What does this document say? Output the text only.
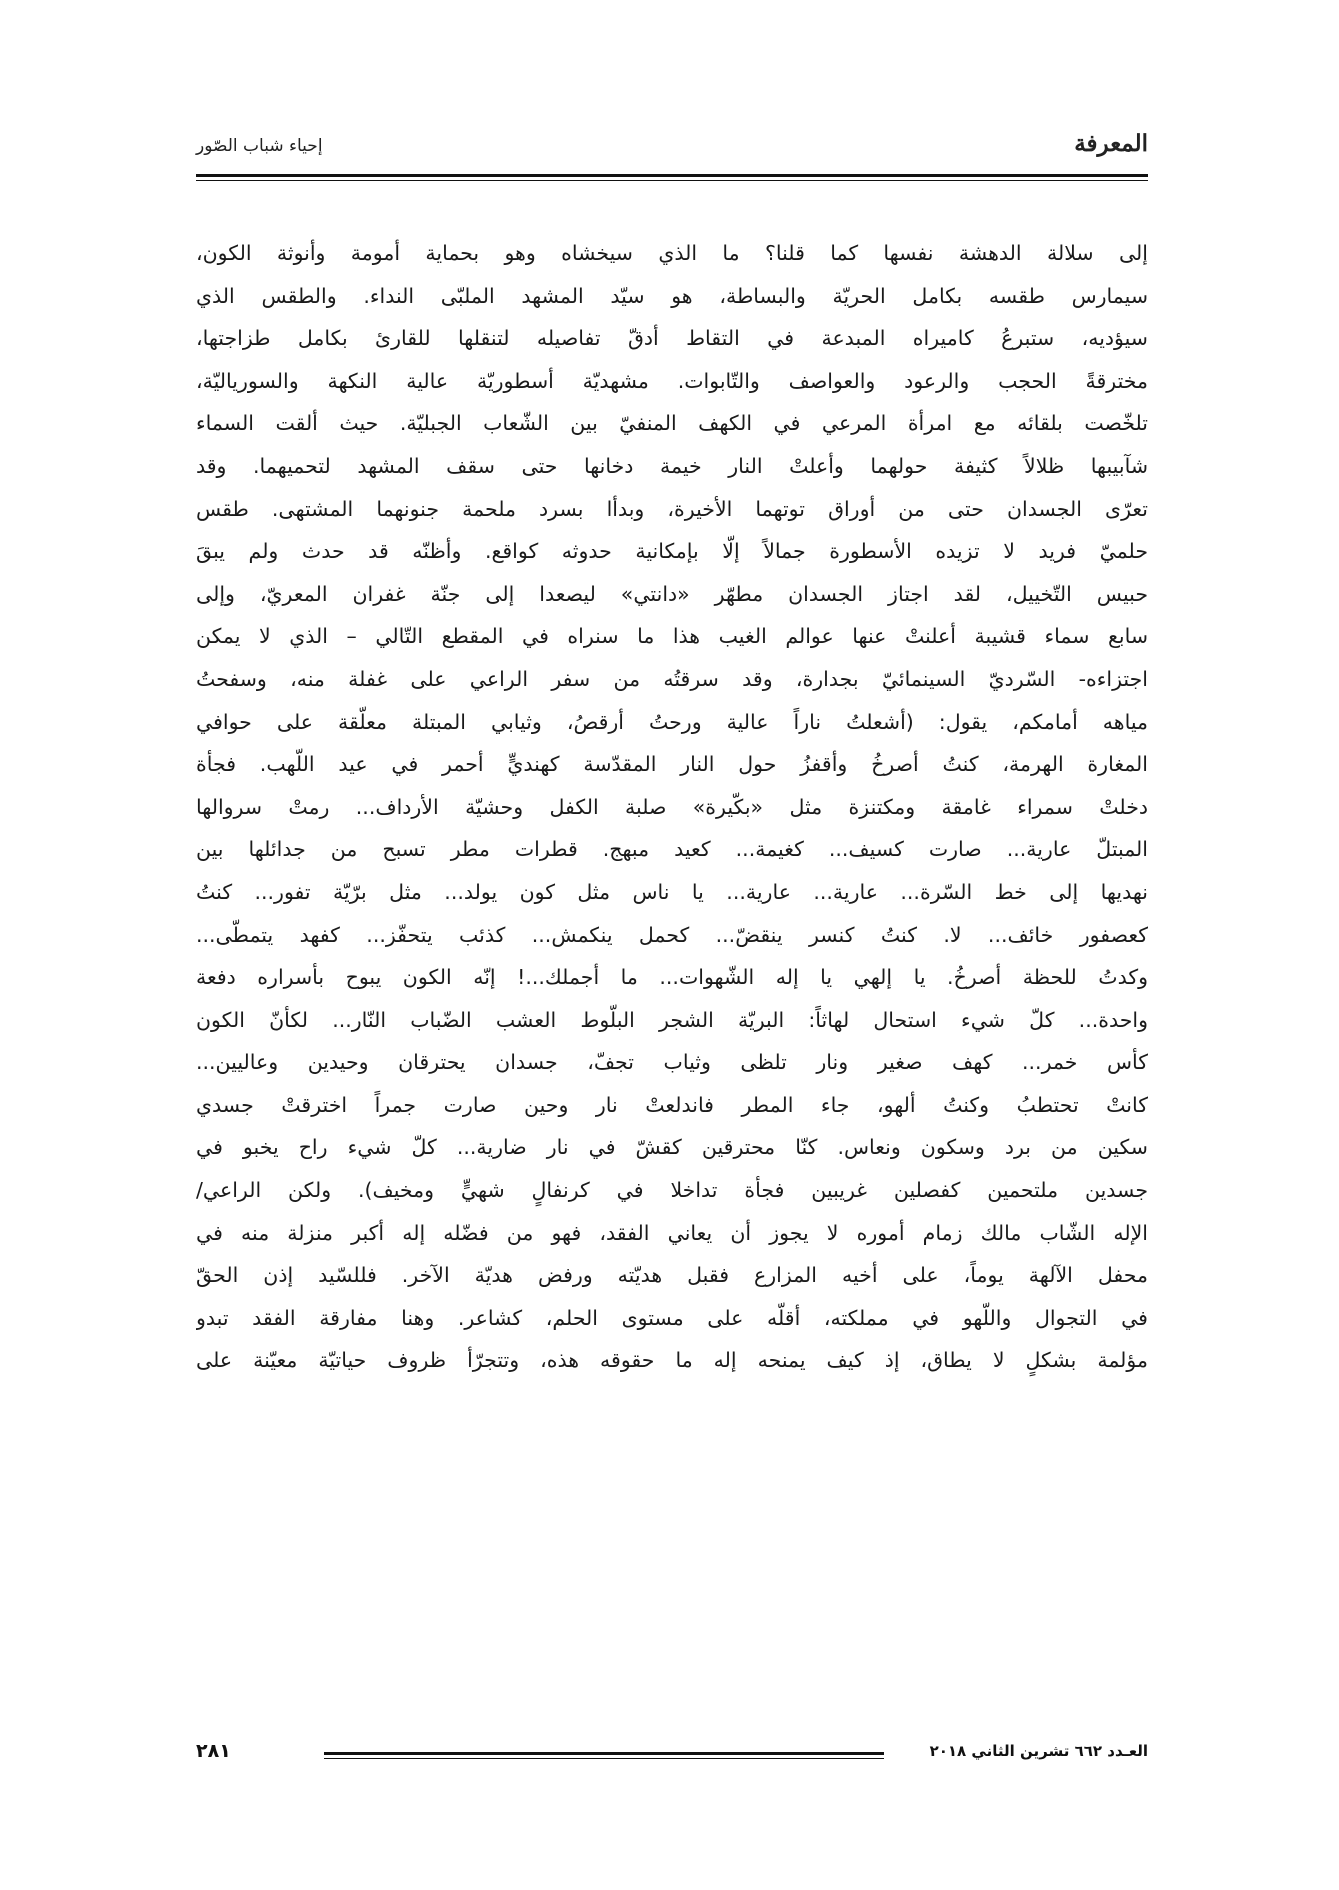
المعرفة
إحياء شباب الصّور
إلى سلالة الدهشة نفسها كما قلنا؟ ما الذي سيخشاه وهو بحماية أمومة وأنوثة الكون،
سيمارس طقسه بكامل الحريّة والبساطة، هو سيّد المشهد الملبّى النداء. والطقس الذي
سيؤديه، ستبرعُ كاميراه المبدعة في التقاط أدقّ تفاصيله لتنقلها للقارئ بكامل طزاجتها،
مخترقةً الحجب والرعود والعواصف والتّابوات. مشهديّة أسطوريّة عالية النكهة والسورياليّة،
تلخّصت بلقائه مع امرأة المرعي في الكهف المنفيّ بين الشّعاب الجبليّة. حيث ألقت السماء
شآبيبها ظلالاً كثيفة حولهما وأعلتْ النار خيمة دخانها حتى سقف المشهد لتحميهما. وقد
تعرّى الجسدان حتى من أوراق توتهما الأخيرة، وبدأا بسرد ملحمة جنونهما المشتهى. طقس
حلميّ فريد لا تزيده الأسطورة جمالاً إلّا بإمكانية حدوثه كواقع. وأظنّه قد حدث ولم يبقَ
حبيس التّخييل، لقد اجتاز الجسدان مطهّر «دانتي» ليصعدا إلى جنّة غفران المعريّ، وإلى
سابع سماء قشيبة أعلنتْ عنها عوالم الغيب هذا ما سنراه في المقطع التّالي – الذي لا يمكن
اجتزاءه- السّرديّ السينمائيّ بجدارة، وقد سرقتُه من سفر الراعي على غفلة منه، وسفحتُ
مياهه أمامكم، يقول: (أشعلتُ ناراً عالية ورحتُ أرقصُ، وثيابي المبتلة معلّقة على حوافي
المغارة الهرمة، كنتُ أصرخُ وأقفزُ حول النار المقدّسة كهنديٍّ أحمر في عيد اللّهب. فجأة
دخلتْ سمراء غامقة ومكتنزة مثل «بكّيرة» صلبة الكفل وحشيّة الأرداف... رمتْ سروالها
المبتلّ عارية... صارت كسيف... كغيمة... كعيد مبهج. قطرات مطر تسبح من جدائلها بين
نهديها إلى خط السّرة... عارية... عارية... يا ناس مثل كون يولد... مثل برّيّة تفور... كنتُ
كعصفور خائف... لا. كنتُ كنسر ينقضّ... كحمل ينكمش... كذئب يتحفّز... كفهد يتمطّى...
وكدتُ للحظة أصرخُ. يا إلهي يا إله الشّهوات... ما أجملك...! إنّه الكون يبوح بأسراره دفعة
واحدة... كلّ شيء استحال لهاثاً: البريّة الشجر البلّوط العشب الضّباب النّار... لكأنّ الكون
كأس خمر... كهف صغير ونار تلظى وثياب تجفّ، جسدان يحترقان وحيدين وعاليين...
كانتْ تحتطبُ وكنتُ ألهو، جاء المطر فاندلعتْ نار وحين صارت جمراً اخترقتْ جسدي
سكين من برد وسكون ونعاس. كنّا محترقين كقشّ في نار ضارية... كلّ شيء راح يخبو في
جسدين ملتحمين كفصلين غريبين فجأة تداخلا في كرنفالٍ شهيٍّ ومخيف). ولكن الراعي/
الإله الشّاب مالك زمام أموره لا يجوز أن يعاني الفقد، فهو من فضّله إله أكبر منزلة منه في
محفل الآلهة يوماً، على أخيه المزارع فقبل هديّته ورفض هديّة الآخر. فللسّيد إذن الحقّ
في التجوال واللّهو في مملكته، أقلّه على مستوى الحلم، كشاعر. وهنا مفارقة الفقد تبدو
مؤلمة بشكلٍ لا يطاق، إذ كيف يمنحه إله ما حقوقه هذه، وتتجرّأ ظروف حياتيّة معيّنة على
العـدد ٦٦٢ تشرين الثاني ٢٠١٨
٢٨١
